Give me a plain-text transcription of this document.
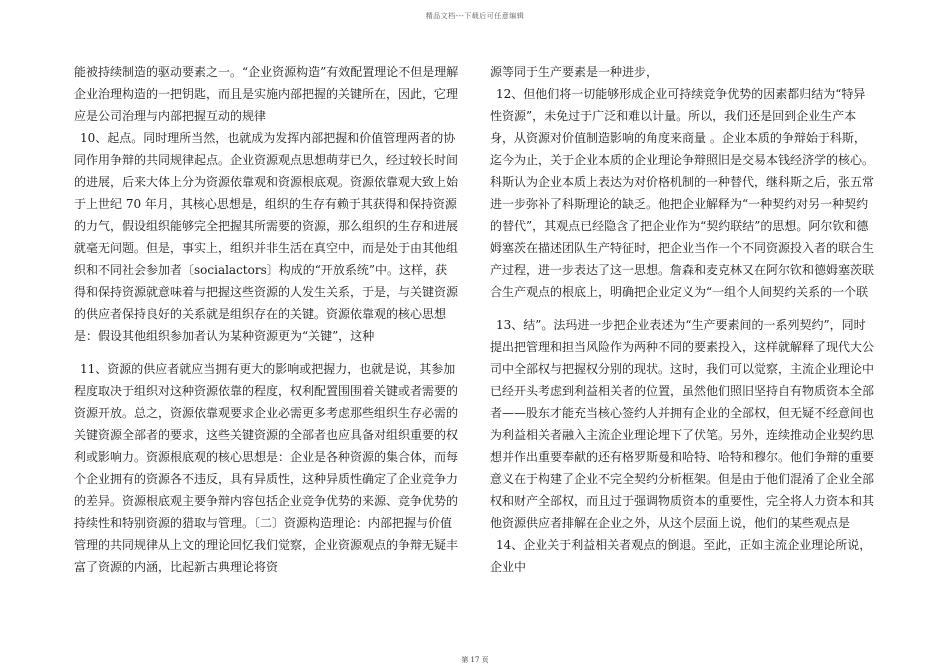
精品文档---下载后可任意编辑

能被持续制造的驱动要素之一。“企业资源构造”有效配置理论不但是理解企业治理构造的一把钥匙，而且是实施内部把握的关键所在，因此，它理应是公司治理与内部把握互动的规律

10、起点。同时理所当然，也就成为发挥内部把握和价值管理两者的协同作用争辩的共同规律起点。企业资源观点思想萌芽已久，经过较长时间的进展，后来大体上分为资源依靠观和资源根底观。资源依靠观大致上始于上世纪 70 年月，其核心思想是，组织的生存有赖于其获得和保持资源的力气，假设组织能够完全把握其所需要的资源，那么组织的生存和进展就毫无问题。但是，事实上，组织并非生活在真空中，而是处于由其他组织和不同社会参加者〔socialactors〕构成的“开放系统”中。这样，获得和保持资源就意味着与把握这些资源的人发生关系，于是，与关键资源的供应者保持良好的关系就是组织存在的关键。资源依靠观的核心思想是：假设其他组织参加者认为某种资源更为“关键”，这种

11、资源的供应者就应当拥有更大的影响或把握力，也就是说，其参加程度取决于组织对这种资源依靠的程度，权利配置围围着关键或者需要的资源开放。总之，资源依靠观要求企业必需更多考虑那些组织生存必需的关键资源全部者的要求，这些关键资源的全部者也应具备对组织重要的权利或影响力。资源根底观的核心思想是：企业是各种资源的集合体，而每个企业拥有的资源各不违反，具有异质性，这种异质性确定了企业竞争力的差异。资源根底观主要争辩内容包括企业竞争优势的来源、竞争优势的持续性和特别资源的猎取与管理。〔二〕资源构造理论：内部把握与价值管理的共同规律从上文的理论回忆我们觉察，企业资源观点的争辩无疑丰富了资源的内涵，比起新古典理论将资

源等同于生产要素是一种进步，

12、但他们将一切能够形成企业可持续竞争优势的因素都归结为“特异性资源”，未免过于广泛和难以计量。所以，我们还是回到企业生产本身，从资源对价值制造影响的角度来商量 。企业本质的争辩始于科斯，迄今为止，关于企业本质的企业理论争辩照旧是交易本钱经济学的核心。科斯认为企业本质上表达为对价格机制的一种替代，继科斯之后，张五常进一步弥补了科斯理论的缺乏。他把企业解释为“一种契约对另一种契约的替代”，其观点已经隐含了把企业作为“契约联结”的思想。阿尔钦和德姆塞茨在描述团队生产特征时，把企业当作一个不同资源投入者的联合生产过程，进一步表达了这一思想。詹森和麦克林又在阿尔钦和德姆塞茨联合生产观点的根底上，明确把企业定义为“一组个人间契约关系的一个联

13、结”。法玛进一步把企业表述为“生产要素间的一系列契约”，同时提出把管理和担当风险作为两种不同的要素投入，这样就解释了现代大公司中全部权与把握权分别的现状。这时，我们可以觉察，主流企业理论中已经开头考虑到利益相关者的位置，虽然他们照旧坚持自有物质资本全部者——股东才能充当核心签约人并拥有企业的全部权，但无疑不经意间也为利益相关者融入主流企业理论埋下了伏笔。另外，连续推动企业契约思想并作出重要奉献的还有格罗斯曼和哈特、哈特和穆尔。他们争辩的重要意义在于构建了企业不完全契约分析框架。但是由于他们混淆了企业全部权和财产全部权，而且过于强调物质资本的重要性，完全将人力资本和其他资源供应者排解在企业之外，从这个层面上说，他们的某些观点是

14、企业关于利益相关者观点的倒退。至此，正如主流企业理论所说，企业中

第 17 页
